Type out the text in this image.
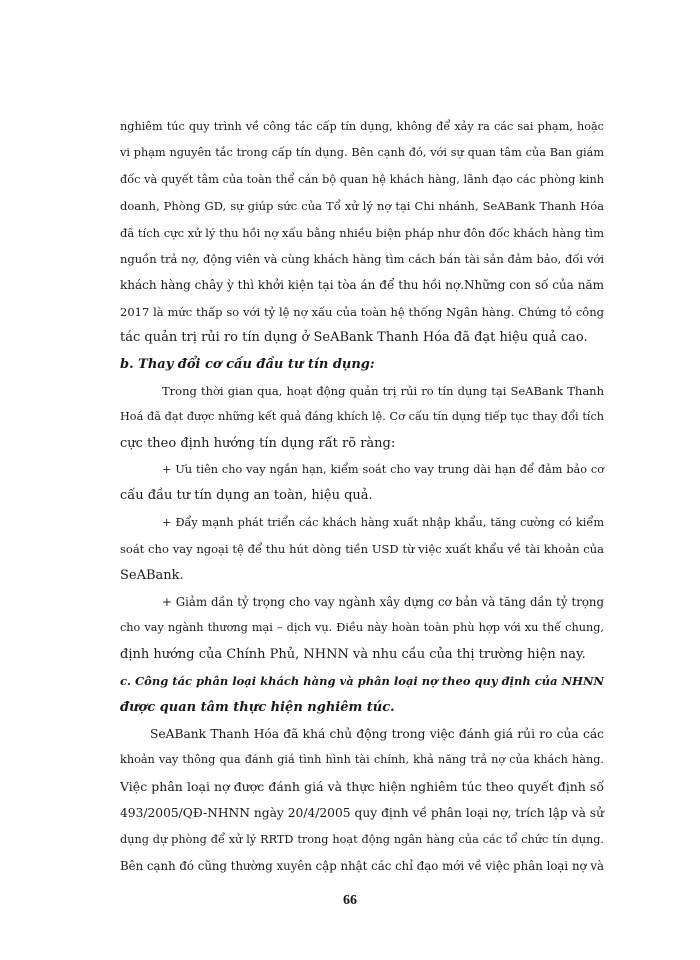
nghiêm túc quy trình về công tác cấp tín dụng, không để xảy ra các sai phạm, hoặc
vi phạm nguyên tắc trong cấp tín dụng. Bên cạnh đó, với sự quan tâm của Ban giám
đốc và quyết tâm của toàn thể cán bộ quan hệ khách hàng, lãnh đạo các phòng kinh
doanh, Phòng GD, sự giúp sức của Tổ xử lý nợ tại Chi nhánh, SeABank Thanh Hóa
đã tích cực xử lý thu hồi nợ xấu bằng nhiều biện pháp như đôn đốc khách hàng tìm
nguồn trả nợ, động viên và cùng khách hàng tìm cách bán tài sản đảm bảo, đối với
khách hàng chây ỳ thì khởi kiện tại tòa án để thu hồi nợ.Những con số của năm
2017 là mức thấp so với tỷ lệ nợ xấu của toàn hệ thống Ngân hàng. Chứng tỏ công
tác quản trị rủi ro tín dụng ở SeABank Thanh Hóa đã đạt hiệu quả cao.
b. Thay đổi cơ cấu đầu tư tín dụng:
Trong thời gian qua, hoạt động quản trị rủi ro tín dụng tại SeABank Thanh
Hoá đã đạt được những kết quả đáng khích lệ. Cơ cấu tín dụng tiếp tục thay đổi tích
cực theo định hướng tín dụng rất rõ ràng:
+ Ưu tiên cho vay ngắn hạn, kiểm soát cho vay trung dài hạn để đảm bảo cơ
cấu đầu tư tín dụng an toàn, hiệu quả.
+ Đẩy mạnh phát triển các khách hàng xuất nhập khẩu, tăng cường có kiểm
soát cho vay ngoại tệ để thu hút dòng tiền USD từ việc xuất khẩu về tài khoản của
SeABank.
+ Giảm dần tỷ trọng cho vay ngành xây dựng cơ bản và tăng dần tỷ trọng
cho vay ngành thương mại – dịch vụ. Điều này hoàn toàn phù hợp với xu thế chung,
định hướng của Chính Phủ, NHNN và nhu cầu của thị trường hiện nay.
c. Công tác phân loại khách hàng và phân loại nợ theo quy định của NHNN
được quan tâm thực hiện nghiêm túc.
SeABank Thanh Hóa đã khá chủ động trong việc đánh giá rủi ro của các
khoản vay thông qua đánh giá tình hình tài chính, khả năng trả nợ của khách hàng.
Việc phân loại nợ được đánh giá và thực hiện nghiêm túc theo quyết định số
493/2005/QĐ-NHNN ngày 20/4/2005 quy định về phân loại nợ, trích lập và sử
dụng dự phòng để xử lý RRTD trong hoạt động ngân hàng của các tổ chức tín dụng.
Bên cạnh đó cũng thường xuyên cập nhật các chỉ đạo mới về việc phân loại nợ và
66
